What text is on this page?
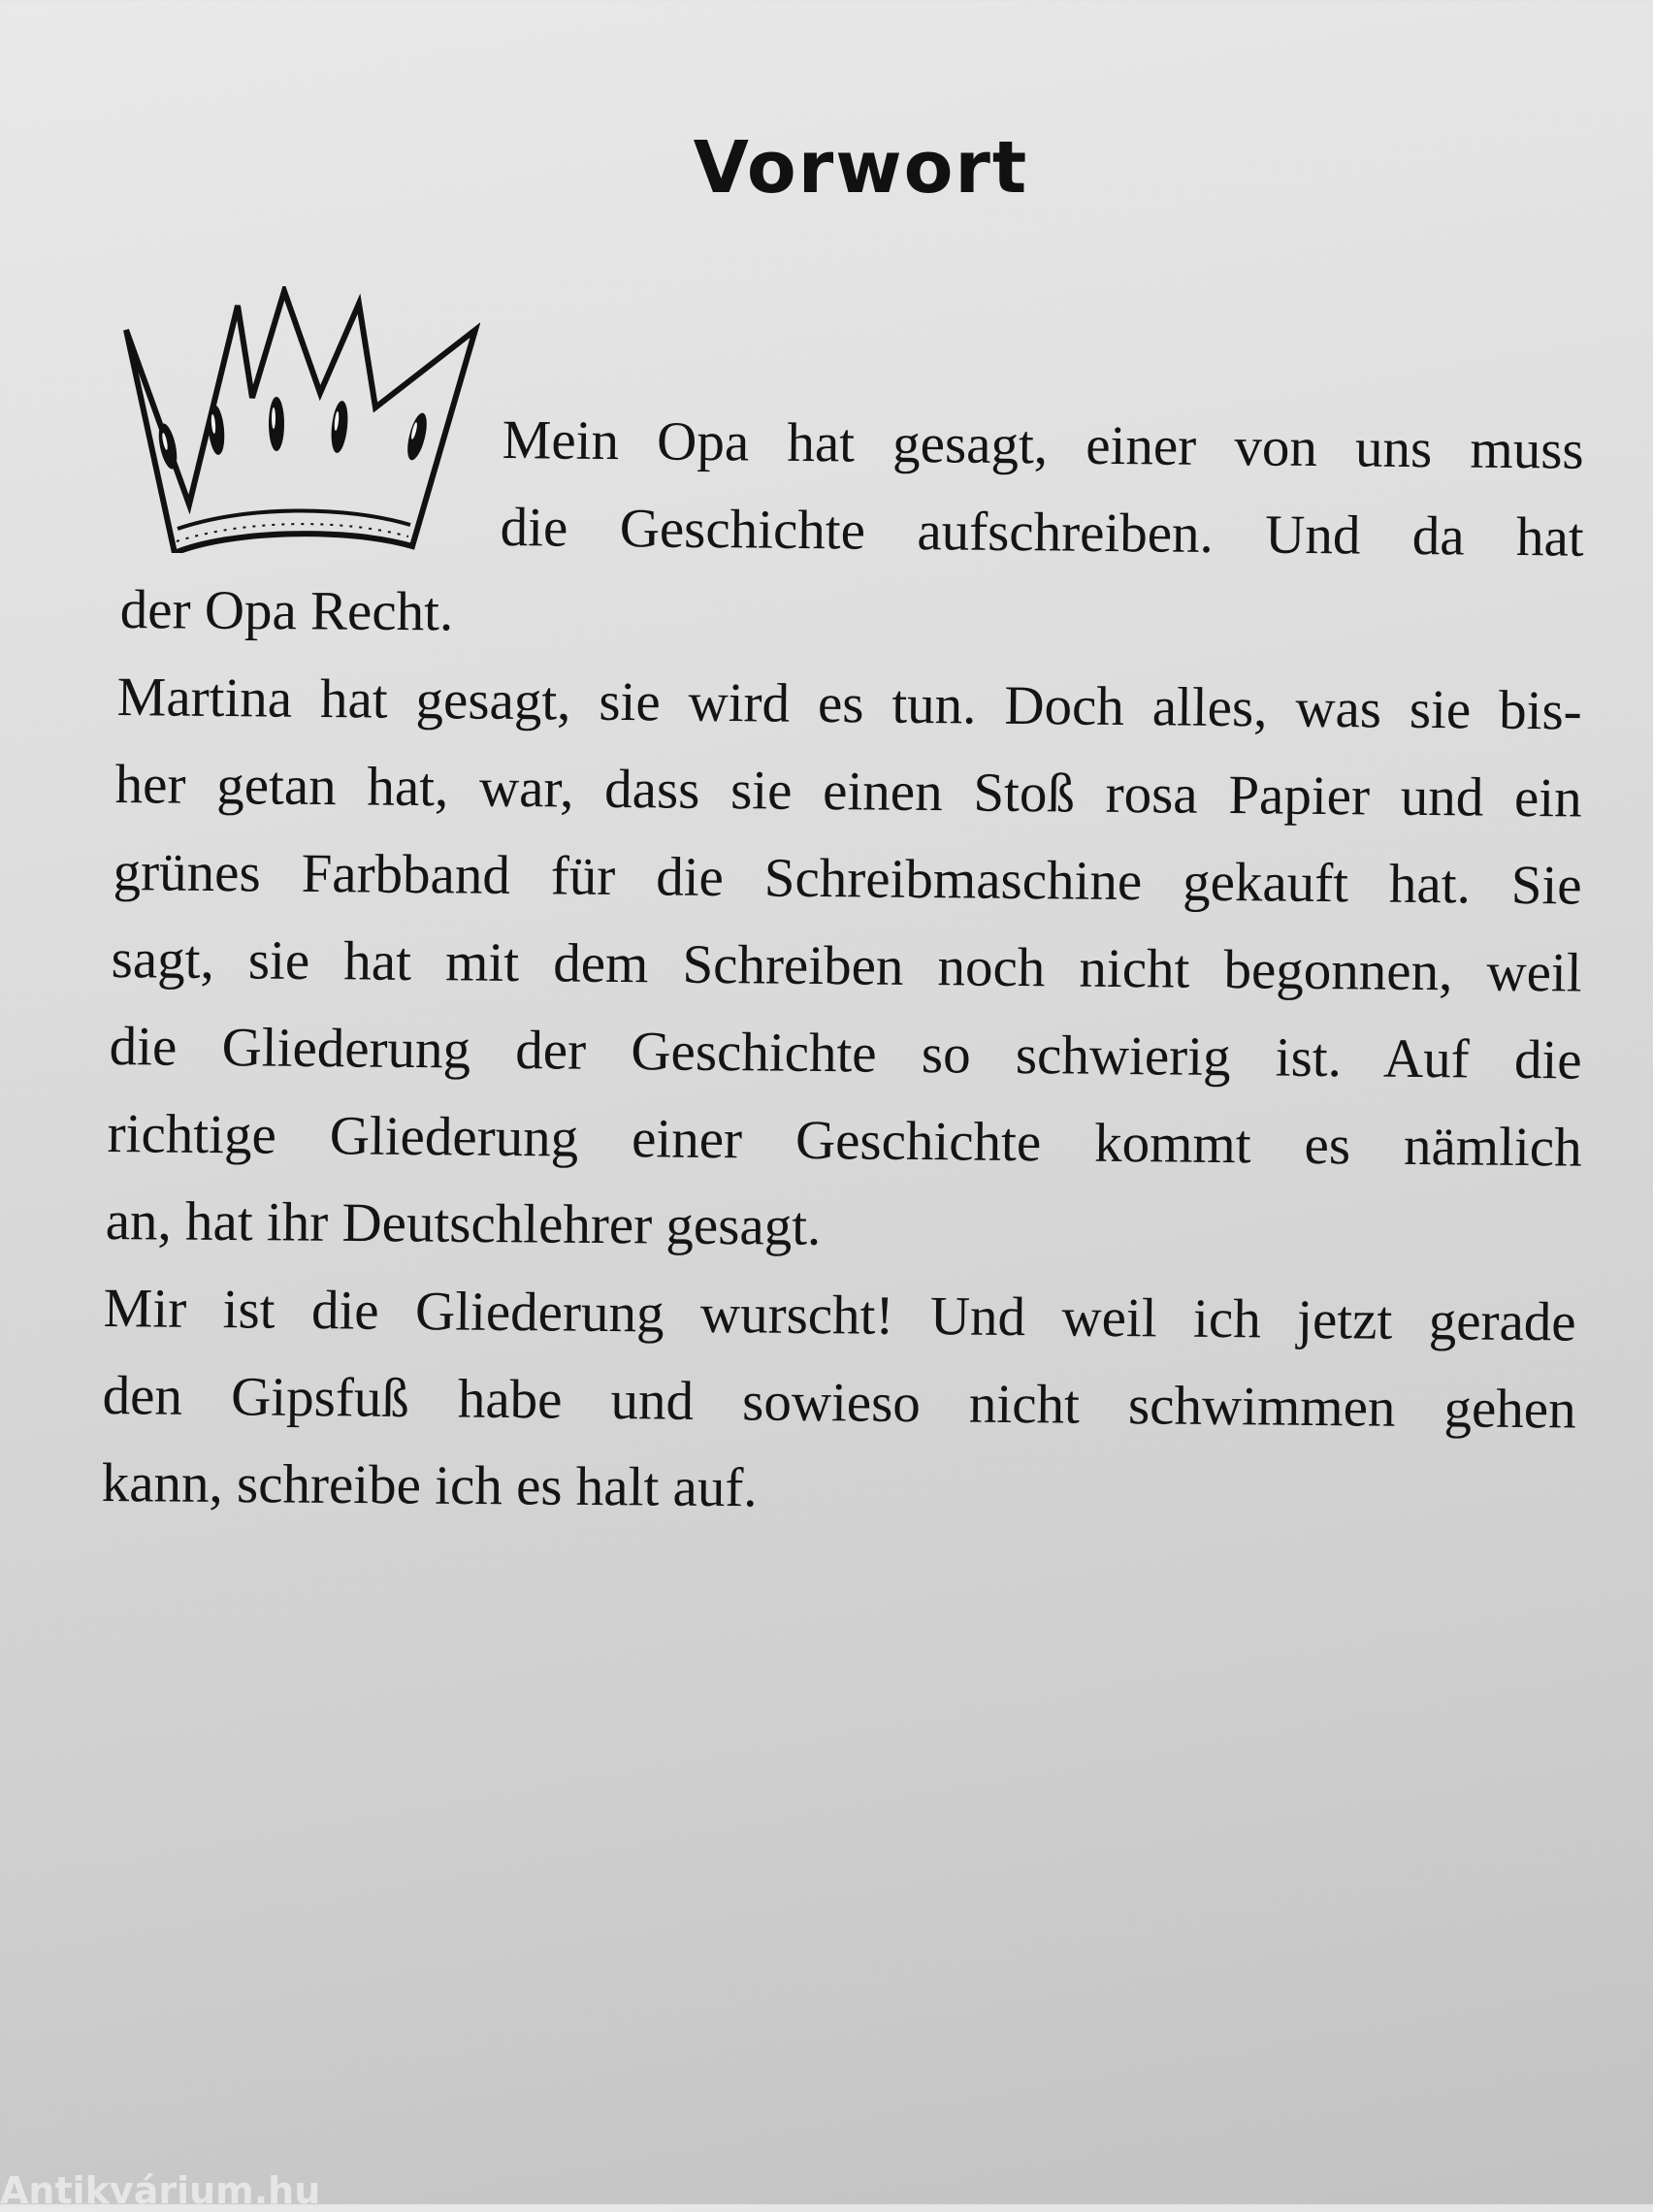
Vorwort

Mein Opa hat gesagt, einer von uns muss

die Geschichte aufschreiben. Und da hat

der Opa Recht.

Martina hat gesagt, sie wird es tun. Doch alles, was sie bis-

her getan hat, war, dass sie einen Stoß rosa Papier und ein

grünes Farbband für die Schreibmaschine gekauft hat. Sie

sagt, sie hat mit dem Schreiben noch nicht begonnen, weil

die Gliederung der Geschichte so schwierig ist. Auf die

richtige Gliederung einer Geschichte kommt es nämlich

an, hat ihr Deutschlehrer gesagt.

Mir ist die Gliederung wurscht! Und weil ich jetzt gerade

den Gipsfuß habe und sowieso nicht schwimmen gehen

kann, schreibe ich es halt auf.

Antikvárium.hu
